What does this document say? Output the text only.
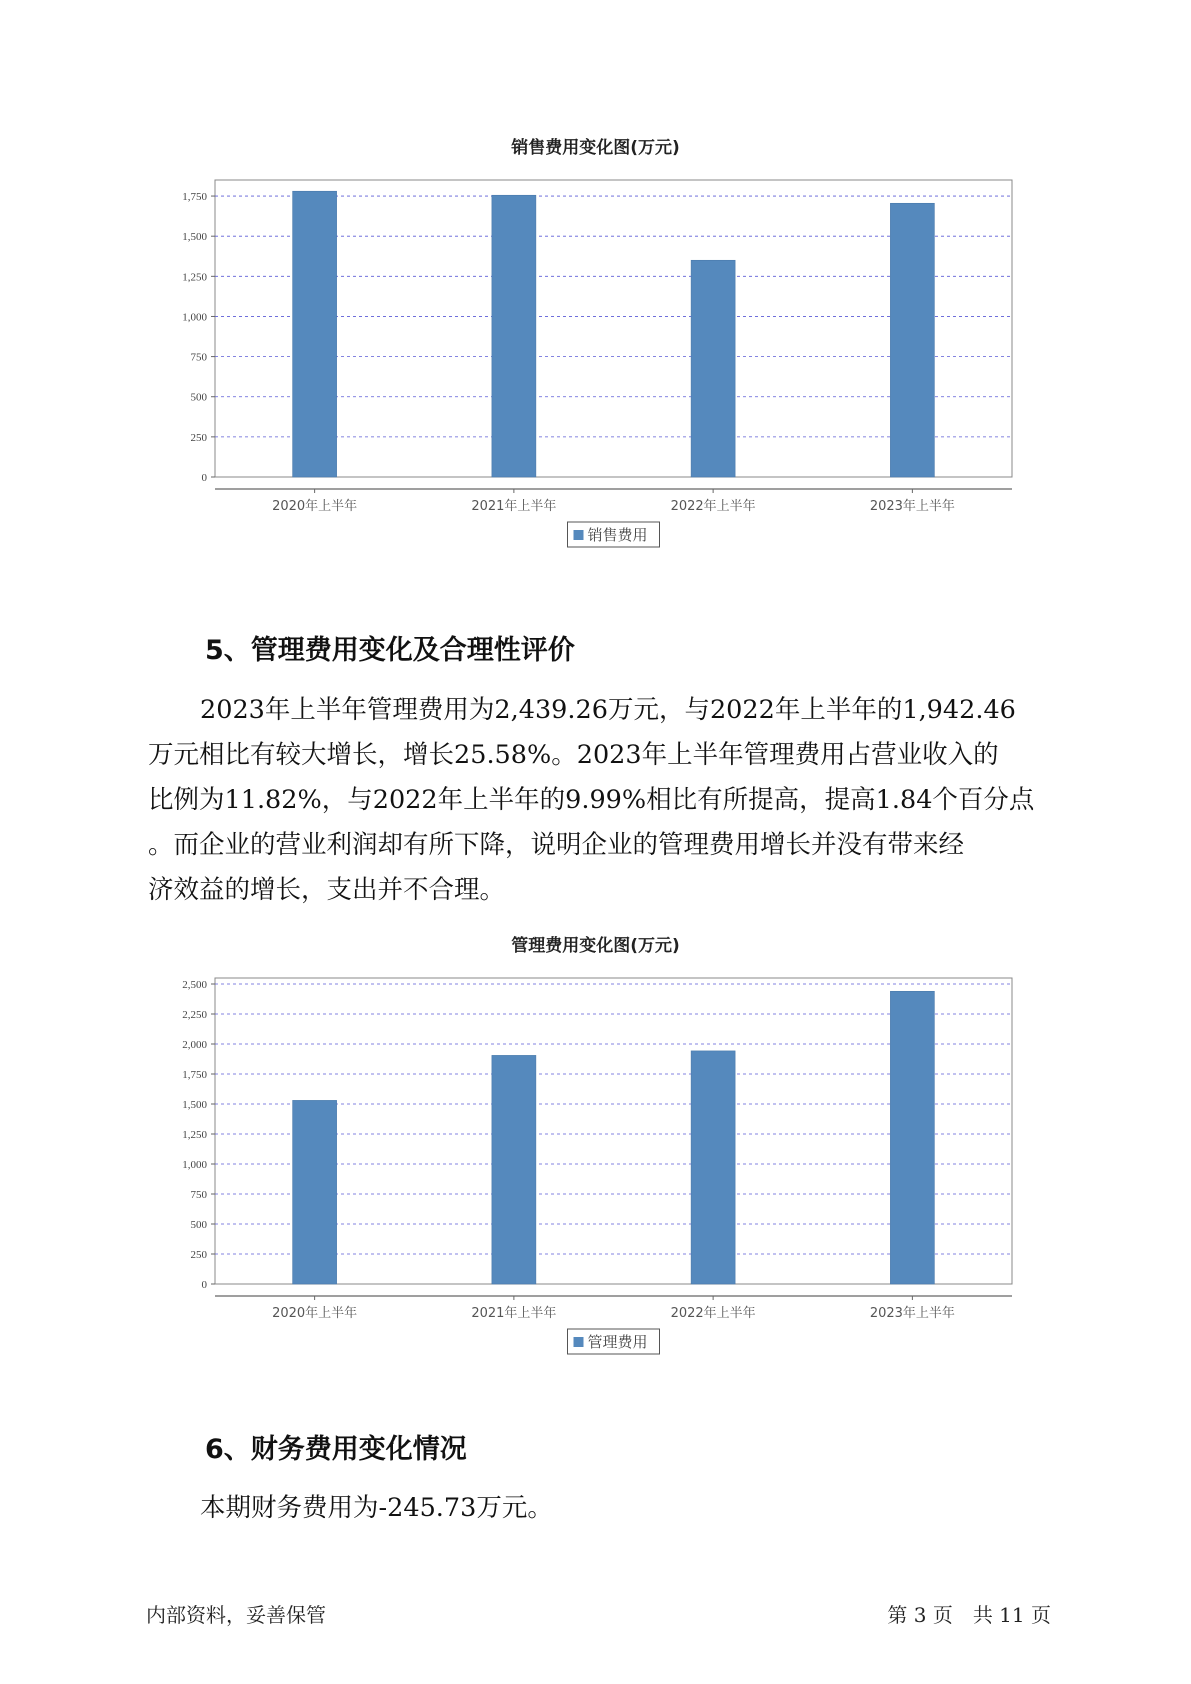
销售费用变化图(万元)
0
250
500
750
1,000
1,250
1,500
1,750
2020年上半年	2021年上半年	2022年上半年	2023年上半年
销售费用
5、管理费用变化及合理性评价

2023年上半年管理费用为2,439.26万元，与2022年上半年的1,942.46

万元相比有较大增长，增长25.58%。2023年上半年管理费用占营业收入的

比例为11.82%，与2022年上半年的9.99%相比有所提高，提高1.84个百分点

。而企业的营业利润却有所下降，说明企业的管理费用增长并没有带来经

济效益的增长，支出并不合理。

管理费用变化图(万元)
0
250
500
750
1,000
1,250
1,500
1,750
2,000
2,250
2,500
2020年上半年	2021年上半年	2022年上半年	2023年上半年
管理费用
6、财务费用变化情况

本期财务费用为-245.73万元。

内部资料，妥善保管	第 3 页　共 11 页
